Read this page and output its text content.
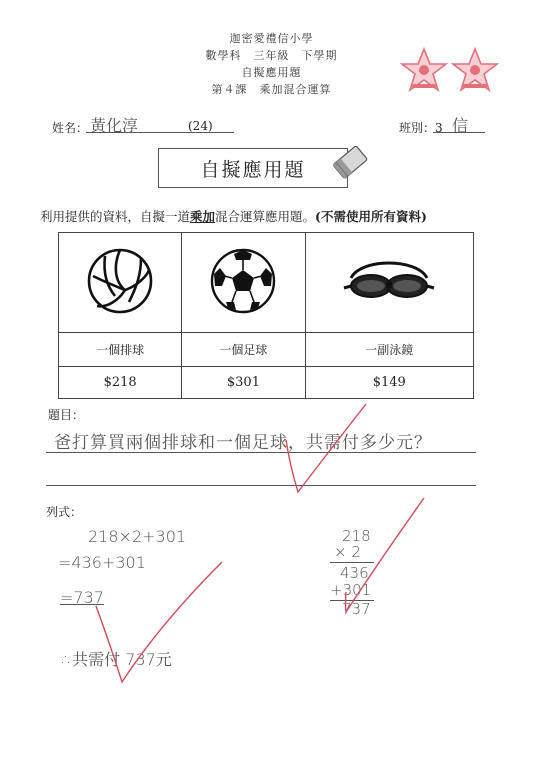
迦密愛禮信小學
數學科　三年級　下學期
自擬應用題
第４課　乘加混合運算
姓名： 黃化淳	(24)	班別：3 信
自擬應用題
利用提供的資料，自擬一道乘加混合運算應用題。(不需使用所有資料)

一個排球	一個足球	一副泳鏡
$218	$301	$149
題目：
爸打算買兩個排球和一個足球，共需付多少元？
列式：
218×2+301
=436+301
=737
∴共需付 737元
218
× 2
436
+301
737
